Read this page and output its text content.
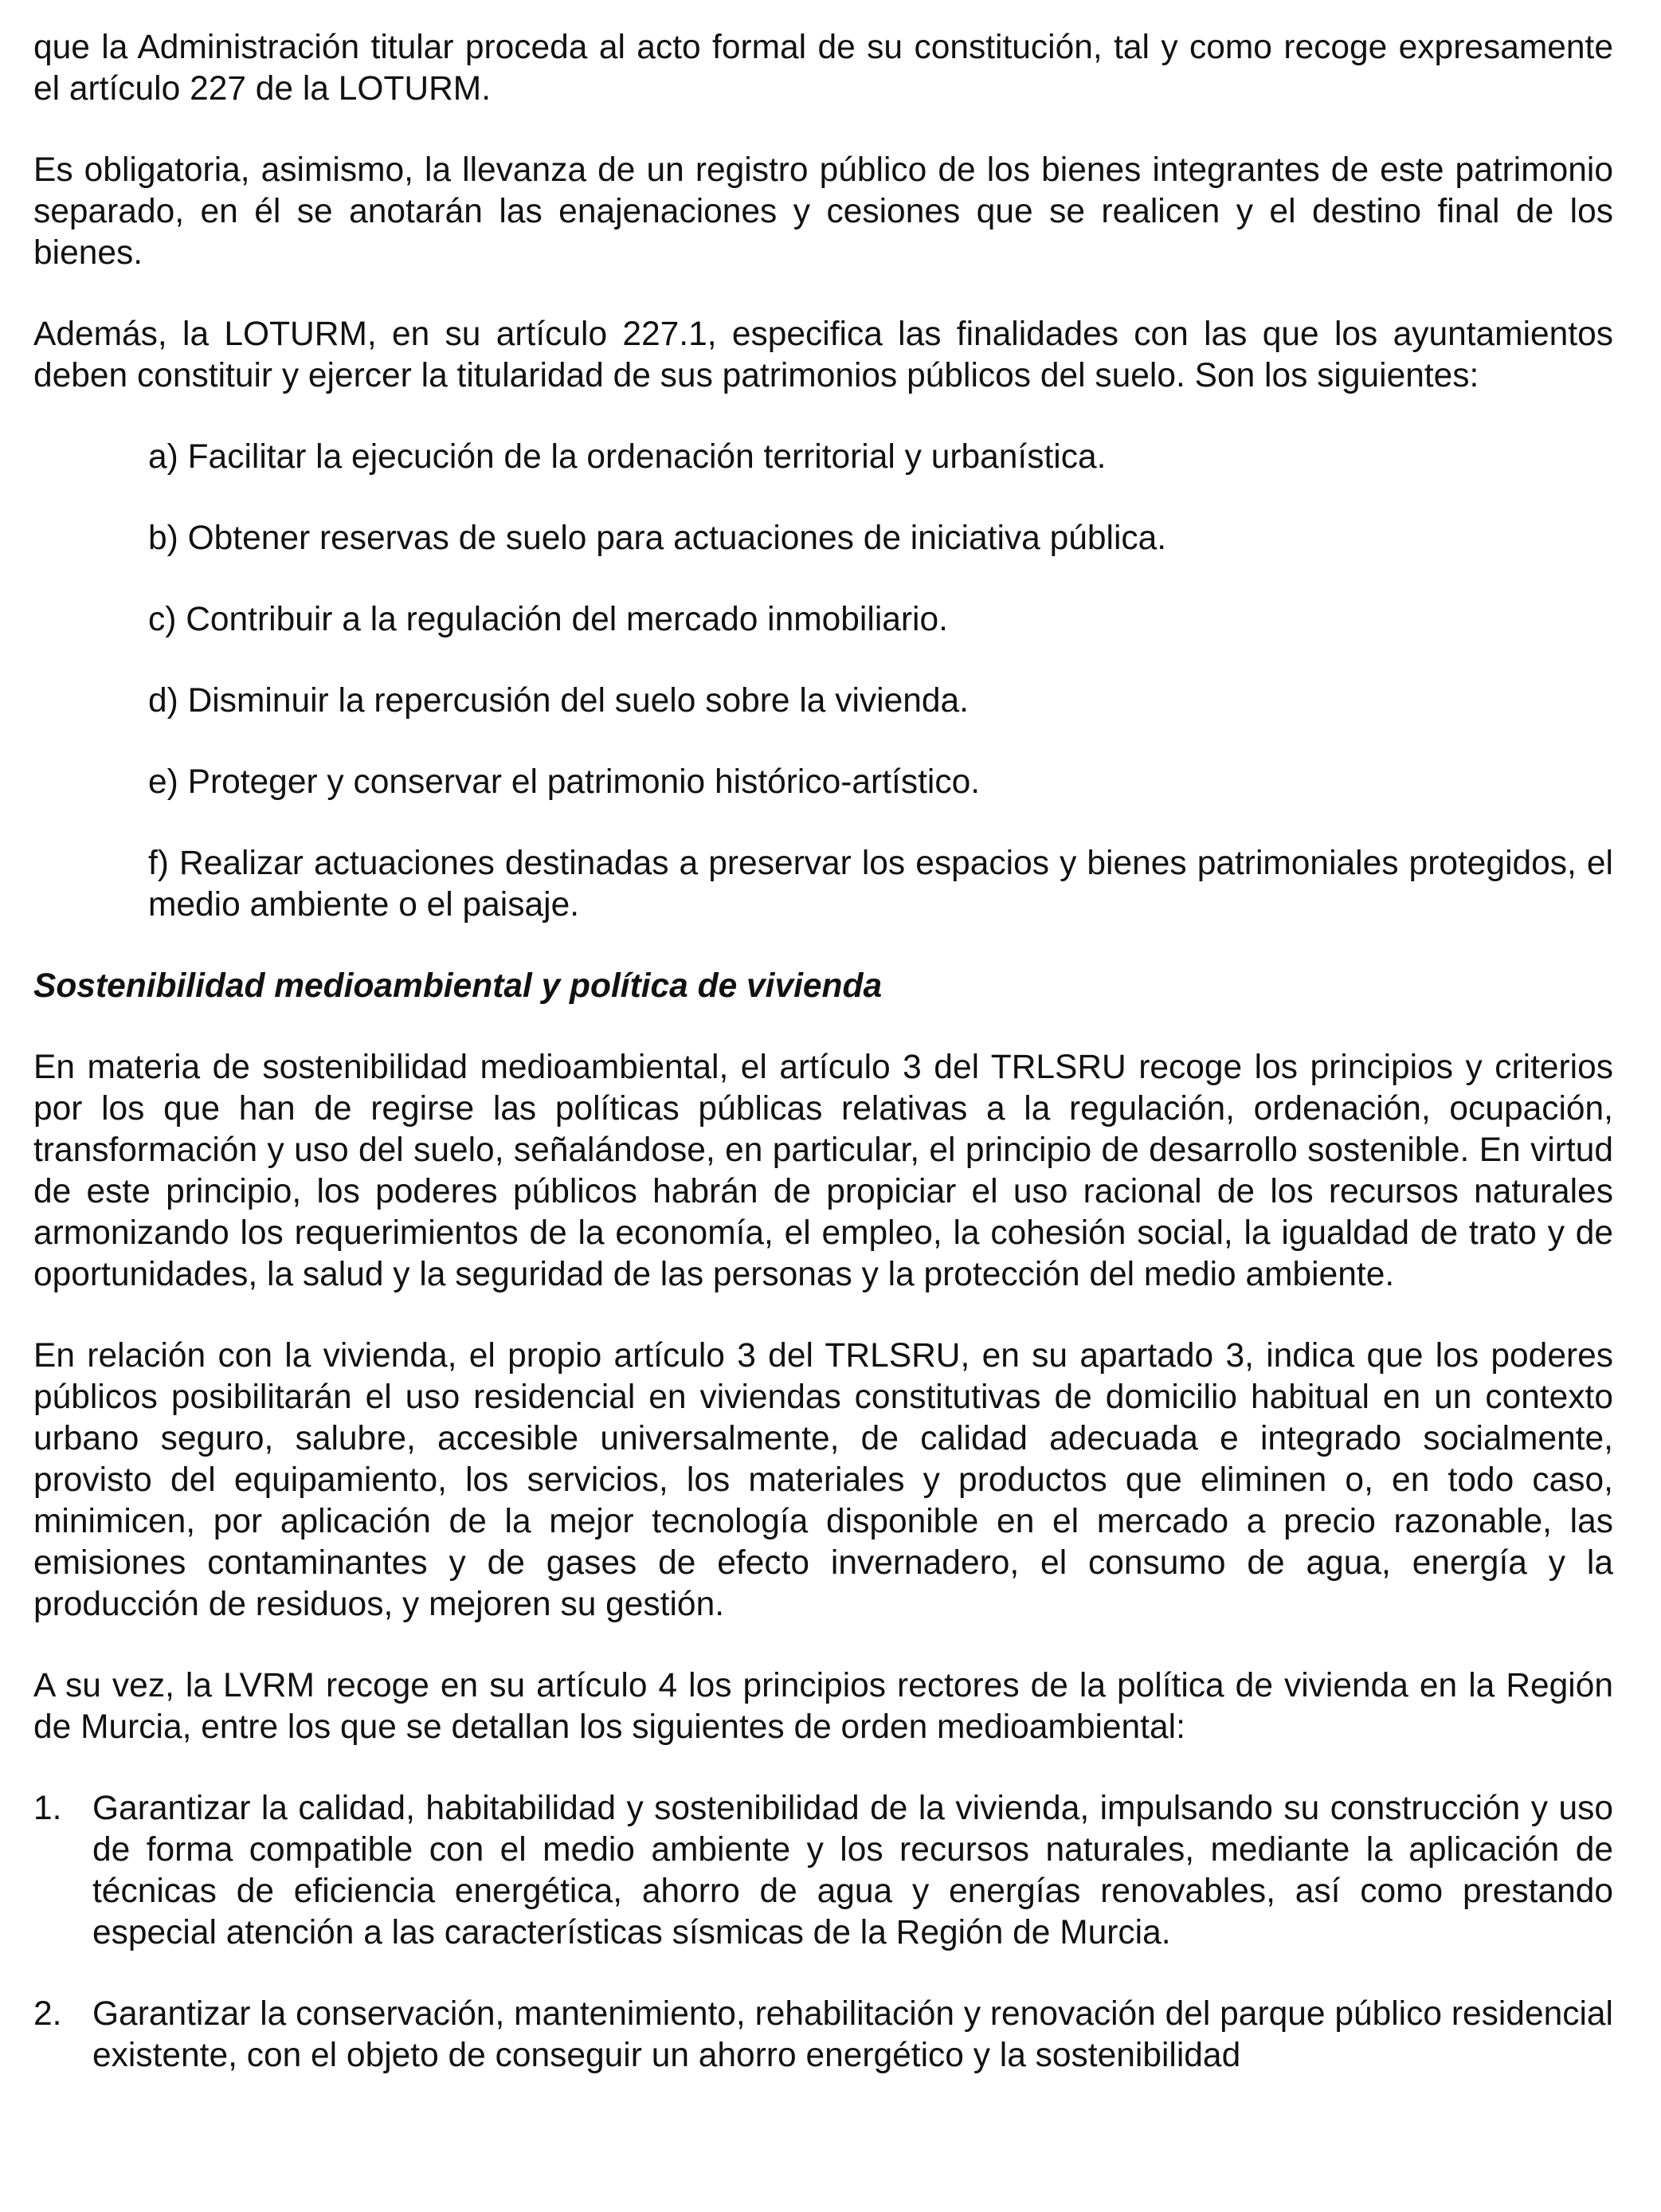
que la Administración titular proceda al acto formal de su constitución, tal y como recoge expresamente el artículo 227 de la LOTURM.

Es obligatoria, asimismo, la llevanza de un registro público de los bienes integrantes de este patrimonio separado, en él se anotarán las enajenaciones y cesiones que se realicen y el destino final de los bienes.

Además, la LOTURM, en su artículo 227.1, especifica las finalidades con las que los ayuntamientos deben constituir y ejercer la titularidad de sus patrimonios públicos del suelo. Son los siguientes:

a) Facilitar la ejecución de la ordenación territorial y urbanística.

b) Obtener reservas de suelo para actuaciones de iniciativa pública.

c) Contribuir a la regulación del mercado inmobiliario.

d) Disminuir la repercusión del suelo sobre la vivienda.

e) Proteger y conservar el patrimonio histórico-artístico.

f) Realizar actuaciones destinadas a preservar los espacios y bienes patrimoniales protegidos, el medio ambiente o el paisaje.

Sostenibilidad medioambiental y política de vivienda

En materia de sostenibilidad medioambiental, el artículo 3 del TRLSRU recoge los principios y criterios por los que han de regirse las políticas públicas relativas a la regulación, ordenación, ocupación, transformación y uso del suelo, señalándose, en particular, el principio de desarrollo sostenible. En virtud de este principio, los poderes públicos habrán de propiciar el uso racional de los recursos naturales armonizando los requerimientos de la economía, el empleo, la cohesión social, la igualdad de trato y de oportunidades, la salud y la seguridad de las personas y la protección del medio ambiente.

En relación con la vivienda, el propio artículo 3 del TRLSRU, en su apartado 3, indica que los poderes públicos posibilitarán el uso residencial en viviendas constitutivas de domicilio habitual en un contexto urbano seguro, salubre, accesible universalmente, de calidad adecuada e integrado socialmente, provisto del equipamiento, los servicios, los materiales y productos que eliminen o, en todo caso, minimicen, por aplicación de la mejor tecnología disponible en el mercado a precio razonable, las emisiones contaminantes y de gases de efecto invernadero, el consumo de agua, energía y la producción de residuos, y mejoren su gestión.

A su vez, la LVRM recoge en su artículo 4 los principios rectores de la política de vivienda en la Región de Murcia, entre los que se detallan los siguientes de orden medioambiental:

1. Garantizar la calidad, habitabilidad y sostenibilidad de la vivienda, impulsando su construcción y uso de forma compatible con el medio ambiente y los recursos naturales, mediante la aplicación de técnicas de eficiencia energética, ahorro de agua y energías renovables, así como prestando especial atención a las características sísmicas de la Región de Murcia.

2. Garantizar la conservación, mantenimiento, rehabilitación y renovación del parque público residencial existente, con el objeto de conseguir un ahorro energético y la sostenibilidad
